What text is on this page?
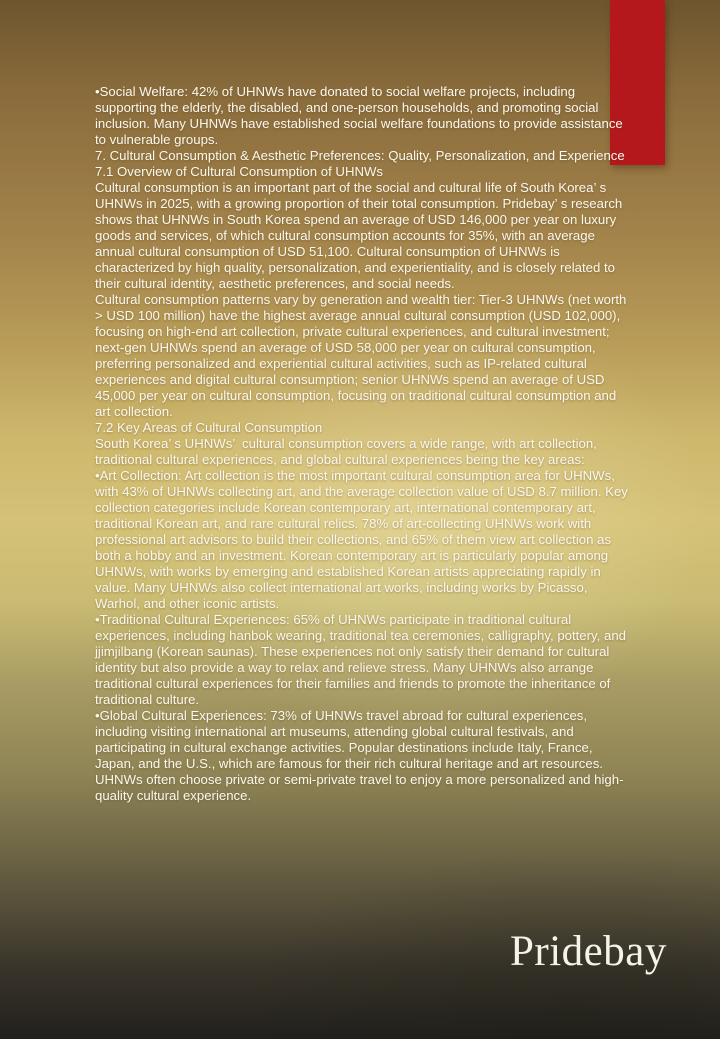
•Social Welfare: 42% of UHNWs have donated to social welfare projects, including supporting the elderly, the disabled, and one-person households, and promoting social inclusion. Many UHNWs have established social welfare foundations to provide assistance to vulnerable groups.

7. Cultural Consumption & Aesthetic Preferences: Quality, Personalization, and Experience

7.1 Overview of Cultural Consumption of UHNWs

Cultural consumption is an important part of the social and cultural life of South Korea’ s UHNWs in 2025, with a growing proportion of their total consumption. Pridebay’ s research shows that UHNWs in South Korea spend an average of USD 146,000 per year on luxury goods and services, of which cultural consumption accounts for 35%, with an average annual cultural consumption of USD 51,100. Cultural consumption of UHNWs is characterized by high quality, personalization, and experientiality, and is closely related to their cultural identity, aesthetic preferences, and social needs.

Cultural consumption patterns vary by generation and wealth tier: Tier-3 UHNWs (net worth > USD 100 million) have the highest average annual cultural consumption (USD 102,000), focusing on high-end art collection, private cultural experiences, and cultural investment; next-gen UHNWs spend an average of USD 58,000 per year on cultural consumption, preferring personalized and experiential cultural activities, such as IP-related cultural experiences and digital cultural consumption; senior UHNWs spend an average of USD 45,000 per year on cultural consumption, focusing on traditional cultural consumption and art collection.

7.2 Key Areas of Cultural Consumption

South Korea’ s UHNWs’  cultural consumption covers a wide range, with art collection, traditional cultural experiences, and global cultural experiences being the key areas:

•Art Collection: Art collection is the most important cultural consumption area for UHNWs, with 43% of UHNWs collecting art, and the average collection value of USD 8.7 million. Key collection categories include Korean contemporary art, international contemporary art, traditional Korean art, and rare cultural relics. 78% of art-collecting UHNWs work with professional art advisors to build their collections, and 65% of them view art collection as both a hobby and an investment. Korean contemporary art is particularly popular among UHNWs, with works by emerging and established Korean artists appreciating rapidly in value. Many UHNWs also collect international art works, including works by Picasso, Warhol, and other iconic artists.

•Traditional Cultural Experiences: 65% of UHNWs participate in traditional cultural experiences, including hanbok wearing, traditional tea ceremonies, calligraphy, pottery, and jjimjilbang (Korean saunas). These experiences not only satisfy their demand for cultural identity but also provide a way to relax and relieve stress. Many UHNWs also arrange traditional cultural experiences for their families and friends to promote the inheritance of traditional culture.

•Global Cultural Experiences: 73% of UHNWs travel abroad for cultural experiences, including visiting international art museums, attending global cultural festivals, and participating in cultural exchange activities. Popular destinations include Italy, France, Japan, and the U.S., which are famous for their rich cultural heritage and art resources. UHNWs often choose private or semi-private travel to enjoy a more personalized and high-quality cultural experience.

Pridebay
